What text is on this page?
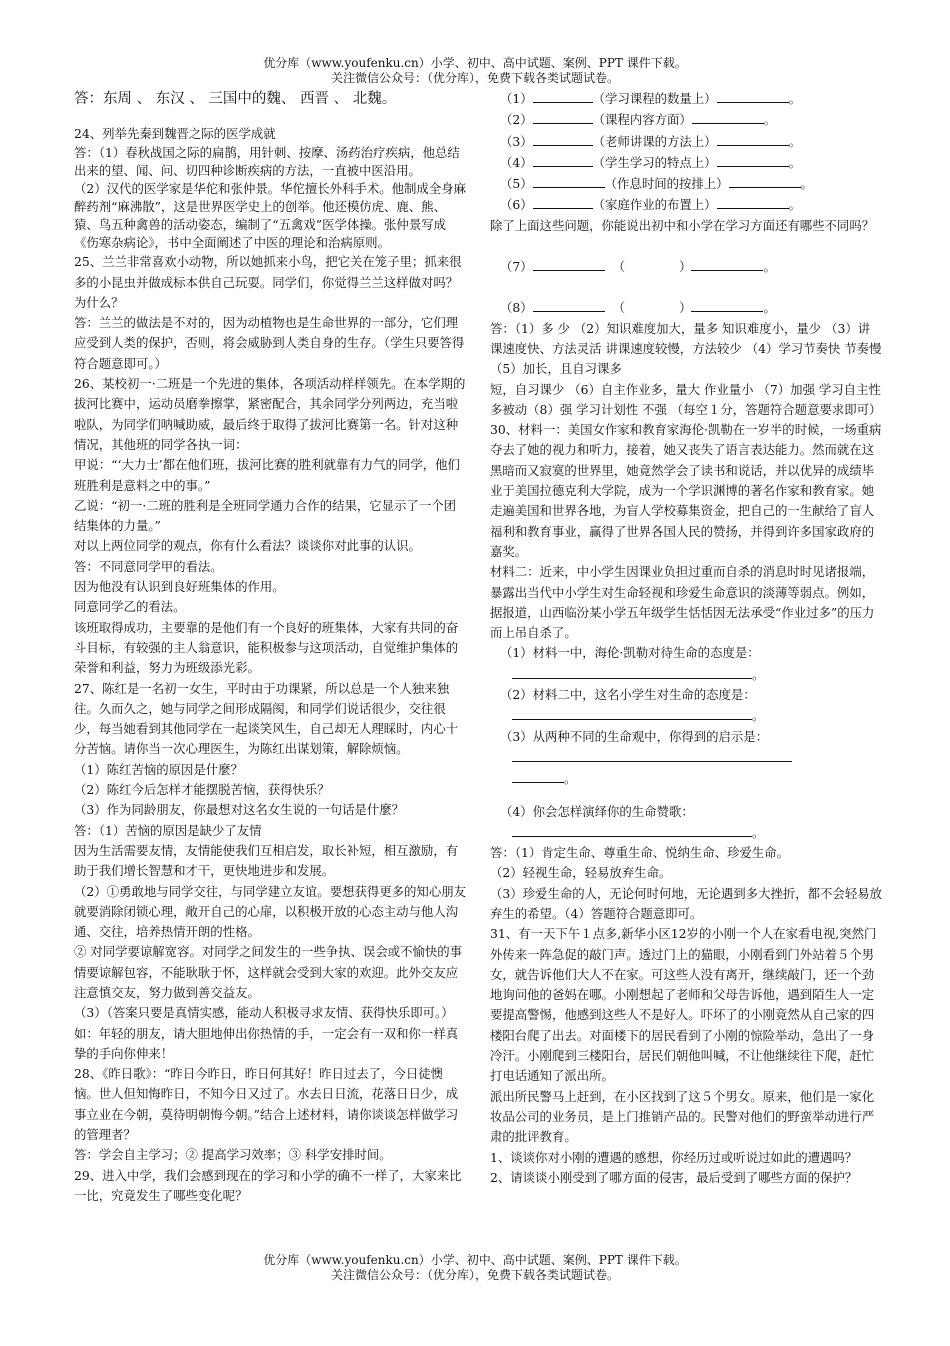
优分库（www.youfenku.cn）小学、初中、高中试题、案例、PPT 课件下载。
关注微信公众号：（优分库），免费下载各类试题试卷。

答：东周 、 东汉 、 三国中的魏、 西晋 、 北魏。

24、列举先秦到魏晋之际的医学成就

答：（1）春秋战国之际的扁鹊，用针刺、按摩、汤药治疗疾病，他总结出来的望、闻、问、切四种诊断疾病的方法，一直被中医沿用。

（2）汉代的医学家是华佗和张仲景。华佗擅长外科手术。他制成全身麻醉药剂“麻沸散”，这是世界医学史上的创举。他还模仿虎、鹿、熊、猿、鸟五种禽兽的活动姿态，编制了“五禽戏”医学体操。张仲景写成《伤寒杂病论》，书中全面阐述了中医的理论和治病原则。

25、兰兰非常喜欢小动物，所以她抓来小鸟，把它关在笼子里；抓来很多的小昆虫并做成标本供自己玩耍。同学们，你觉得兰兰这样做对吗？为什么？

答：兰兰的做法是不对的，因为动植物也是生命世界的一部分，它们理应受到人类的保护，否则，将会威胁到人类自身的生存。（学生只要答得符合题意即可。）

26、某校初一·二班是一个先进的集体，各项活动样样领先。在本学期的拔河比赛中，运动员磨拳擦掌，紧密配合，其余同学分列两边，充当啦啦队，为同学们呐喊助威，最后终于取得了拔河比赛第一名。针对这种情况，其他班的同学各执一词：

甲说：“‘大力士’都在他们班，拔河比赛的胜利就靠有力气的同学，他们班胜利是意料之中的事。”

乙说：“初一·二班的胜利是全班同学通力合作的结果，它显示了一个团结集体的力量。”

对以上两位同学的观点，你有什么看法？谈谈你对此事的认识。

答：不同意同学甲的看法。

因为他没有认识到良好班集体的作用。

同意同学乙的看法。

该班取得成功，主要靠的是他们有一个良好的班集体，大家有共同的奋斗目标，有较强的主人翁意识，能积极参与这项活动，自觉维护集体的荣誉和利益，努力为班级添光彩。

27、陈红是一名初一女生，平时由于功课紧，所以总是一个人独来独往。久而久之，她与同学之间形成隔阂，和同学们说话很少，交往很少，每当她看到其他同学在一起谈笑风生，自己却无人理睬时，内心十分苦恼。请你当一次心理医生，为陈红出谋划策，解除烦恼。

（1）陈红苦恼的原因是什麼？

（2）陈红今后怎样才能摆脱苦恼，获得快乐？

（3）作为同龄朋友，你最想对这名女生说的一句话是什麼？

答：（1）苦恼的原因是缺少了友情

因为生活需要友情，友情能使我们互相启发，取长补短，相互激励，有助于我们增长智慧和才干，更快地进步和发展。

（2）①勇敢地与同学交往，与同学建立友谊。要想获得更多的知心朋友就要消除闭锁心理，敞开自己的心扉，以积极开放的心态主动与他人沟通、交往，培养热情开朗的性格。

② 对同学要谅解宽容。对同学之间发生的一些争执、误会或不愉快的事情要谅解包容，不能耿耿于怀，这样就会受到大家的欢迎。此外交友应注意慎交友，努力做到善交益友。

（3）（答案只要是真情实感，能动人积极寻求友情、获得快乐即可。）如：年轻的朋友，请大胆地伸出你热情的手，一定会有一双和你一样真挚的手向你伸来！

28、《昨日歌》：“昨日今昨日，昨日何其好！昨日过去了，今日徒懊恼。世人但知悔昨日，不知今日又过了。水去日日流，花落日日少，成事立业在今朝，莫待明朝悔今朝。”结合上述材料，请你谈谈怎样做学习的管理者？

答：学会自主学习；② 提高学习效率；③ 科学安排时间。

29、进入中学，我们会感到现在的学习和小学的确不一样了，大家来比一比，究竟发生了哪些变化呢？

（1）	（学习课程的数量上）	。

（2）	（课程内容方面）	。

（3）	（老师讲课的方法上）	。

（4）	（学生学习的特点上）	。

（5）	（作息时间的按排上）	。

（6）	（家庭作业的布置上）	。

除了上面这些问题，你能说出初中和小学在学习方面还有哪些不同吗？

（7）	（	）	。

（8）	（	）	。

答：（1）多 少 （2）知识难度加大，量多 知识难度小，量少 （3）讲课速度快、方法灵活 讲课速度较慢，方法较少 （4）学习节奏快 节奏慢 （5）加长，且自习课多

短，自习课少 （6）自主作业多，量大 作业量小 （7）加强 学习自主性 多被动（8）强 学习计划性 不强 （每空１分，答题符合题意要求即可）

30、材料一：美国女作家和教育家海伦·凯勒在一岁半的时候，一场重病夺去了她的视力和听力，接着，她又丧失了语言表达能力。然而就在这黑暗而又寂寞的世界里，她竟然学会了读书和说话，并以优异的成绩毕业于美国拉德克利大学院，成为一个学识渊博的著名作家和教育家。她走遍美国和世界各地，为盲人学校募集资金，把自己的一生献给了盲人福利和教育事业，赢得了世界各国人民的赞扬，并得到许多国家政府的嘉奖。

材料二：近来，中小学生因课业负担过重而自杀的消息时时见诸报端，暴露出当代中小学生对生命轻视和珍爱生命意识的淡薄等弱点。例如，据报道，山西临汾某小学五年级学生恬恬因无法承受“作业过多”的压力而上吊自杀了。

（1）材料一中，海伦·凯勒对待生命的态度是：

。

（2）材料二中，这名小学生对生命的态度是：

。

（3）从两种不同的生命观中，你得到的启示是：

。

（4）你会怎样演绎你的生命赞歌：

。

答：（1）肯定生命、尊重生命、悦纳生命、珍爱生命。

（2）轻视生命，轻易放弃生命。

（3）珍爱生命的人，无论何时何地，无论遇到多大挫折，都不会轻易放弃生的希望。（4）答题符合题意即可。

31、有一天下午１点多,新华小区12岁的小刚一个人在家看电视,突然门外传来一阵急促的敲门声。透过门上的猫眼，小刚看到门外站着５个男女，就告诉他们大人不在家。可这些人没有离开，继续敲门，还一个劲地询问他的爸妈在哪。小刚想起了老师和父母告诉他，遇到陌生人一定要提高警惕，他感到这些人不是好人。吓坏了的小刚竟然从自己家的四楼阳台爬了出去。对面楼下的居民看到了小刚的惊险举动，急出了一身冷汗。小刚爬到三楼阳台，居民们朝他叫喊，不让他继续往下爬，赶忙打电话通知了派出所。

派出所民警马上赶到，在小区找到了这５个男女。原来，他们是一家化妆品公司的业务员，是上门推销产品的。民警对他们的野蛮举动进行严肃的批评教育。

1、谈谈你对小刚的遭遇的感想，你经历过或听说过如此的遭遇吗？

2、请谈谈小刚受到了哪方面的侵害，最后受到了哪些方面的保护？

优分库（www.youfenku.cn）小学、初中、高中试题、案例、PPT 课件下载。
关注微信公众号：（优分库），免费下载各类试题试卷。
